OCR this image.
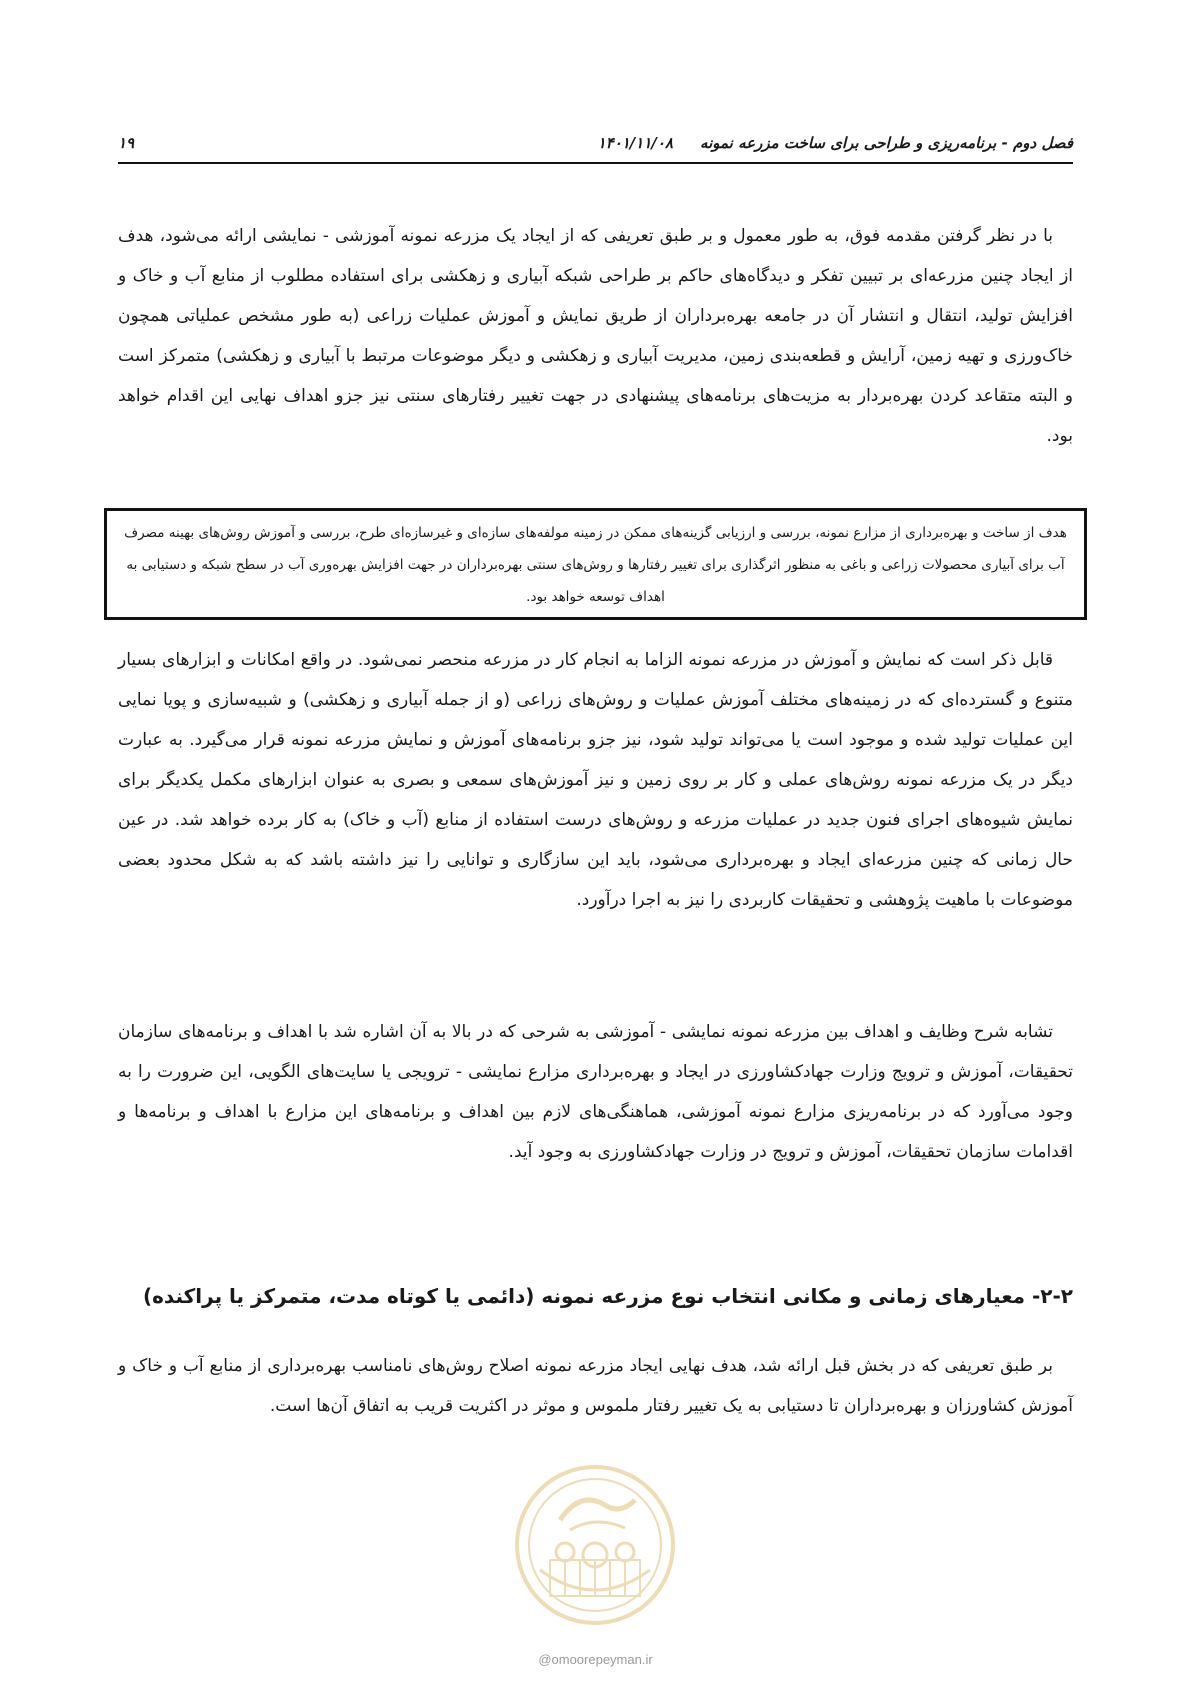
فصل دوم - برنامه‌ریزی و طراحی برای ساخت مزرعه نمونه
۱۴۰۱/۱۱/۰۸
۱۹
با در نظر گرفتن مقدمه فوق، به طور معمول و بر طبق تعریفی که از ایجاد یک مزرعه نمونه آموزشی - نمایشی ارائه می‌شود، هدف از ایجاد چنین مزرعه‌ای بر تبیین تفکر و دیدگاه‌های حاکم بر طراحی شبکه آبیاری و زهکشی برای استفاده مطلوب از منابع آب و خاک و افزایش تولید، انتقال و انتشار آن در جامعه بهره‌برداران از طریق نمایش و آموزش عملیات زراعی (به طور مشخص عملیاتی همچون خاک‌ورزی و تهیه زمین، آرایش و قطعه‌بندی زمین، مدیریت آبیاری و زهکشی و دیگر موضوعات مرتبط با آبیاری و زهکشی) متمرکز است و البته متقاعد کردن بهره‌بردار به مزیت‌های برنامه‌های پیشنهادی در جهت تغییر رفتارهای سنتی نیز جزو اهداف نهایی این اقدام خواهد بود.
هدف از ساخت و بهره‌برداری از مزارع نمونه، بررسی و ارزیابی گزینه‌های ممکن در زمینه مولفه‌های سازه‌ای و غیرسازه‌ای طرح، بررسی و آموزش روش‌های بهینه مصرف آب برای آبیاری محصولات زراعی و باغی به منظور اثرگذاری برای تغییر رفتارها و روش‌های سنتی بهره‌برداران در جهت افزایش بهره‌وری آب در سطح شبکه و دستیابی به اهداف توسعه خواهد بود.
قابل ذکر است که نمایش و آموزش در مزرعه نمونه الزاما به انجام کار در مزرعه منحصر نمی‌شود. در واقع امکانات و ابزارهای بسیار متنوع و گسترده‌ای که در زمینه‌های مختلف آموزش عملیات و روش‌های زراعی (و از جمله آبیاری و زهکشی) و شبیه‌سازی و پویا نمایی این عملیات تولید شده و موجود است یا می‌تواند تولید شود، نیز جزو برنامه‌های آموزش و نمایش مزرعه نمونه قرار می‌گیرد. به عبارت دیگر در یک مزرعه نمونه روش‌های عملی و کار بر روی زمین و نیز آموزش‌های سمعی و بصری به عنوان ابزارهای مکمل یکدیگر برای نمایش شیوه‌های اجرای فنون جدید در عملیات مزرعه و روش‌های درست استفاده از منابع (آب و خاک) به کار برده خواهد شد. در عین حال زمانی که چنین مزرعه‌ای ایجاد و بهره‌برداری می‌شود، باید این سازگاری و توانایی را نیز داشته باشد که به شکل محدود بعضی موضوعات با ماهیت پژوهشی و تحقیقات کاربردی را نیز به اجرا درآورد.
تشابه شرح وظایف و اهداف بین مزرعه نمونه نمایشی - آموزشی به شرحی که در بالا به آن اشاره شد با اهداف و برنامه‌های سازمان تحقیقات، آموزش و ترویج وزارت جهادکشاورزی در ایجاد و بهره‌برداری مزارع نمایشی - ترویجی یا سایت‌های الگویی، این ضرورت را به وجود می‌آورد که در برنامه‌ریزی مزارع نمونه آموزشی، هماهنگی‌های لازم بین اهداف و برنامه‌های این مزارع با اهداف و برنامه‌ها و اقدامات سازمان تحقیقات، آموزش و ترویج در وزارت جهادکشاورزی به وجود آید.
۲-۲- معیارهای زمانی و مکانی انتخاب نوع مزرعه نمونه (دائمی یا کوتاه مدت، متمرکز یا پراکنده)
بر طبق تعریفی که در بخش قبل ارائه شد، هدف نهایی ایجاد مزرعه نمونه اصلاح روش‌های نامناسب بهره‌برداری از منابع آب و خاک و آموزش کشاورزان و بهره‌برداران تا دستیابی به یک تغییر رفتار ملموس و موثر در اکثریت قریب به اتفاق آن‌ها است.
@omoorepeyman.ir
